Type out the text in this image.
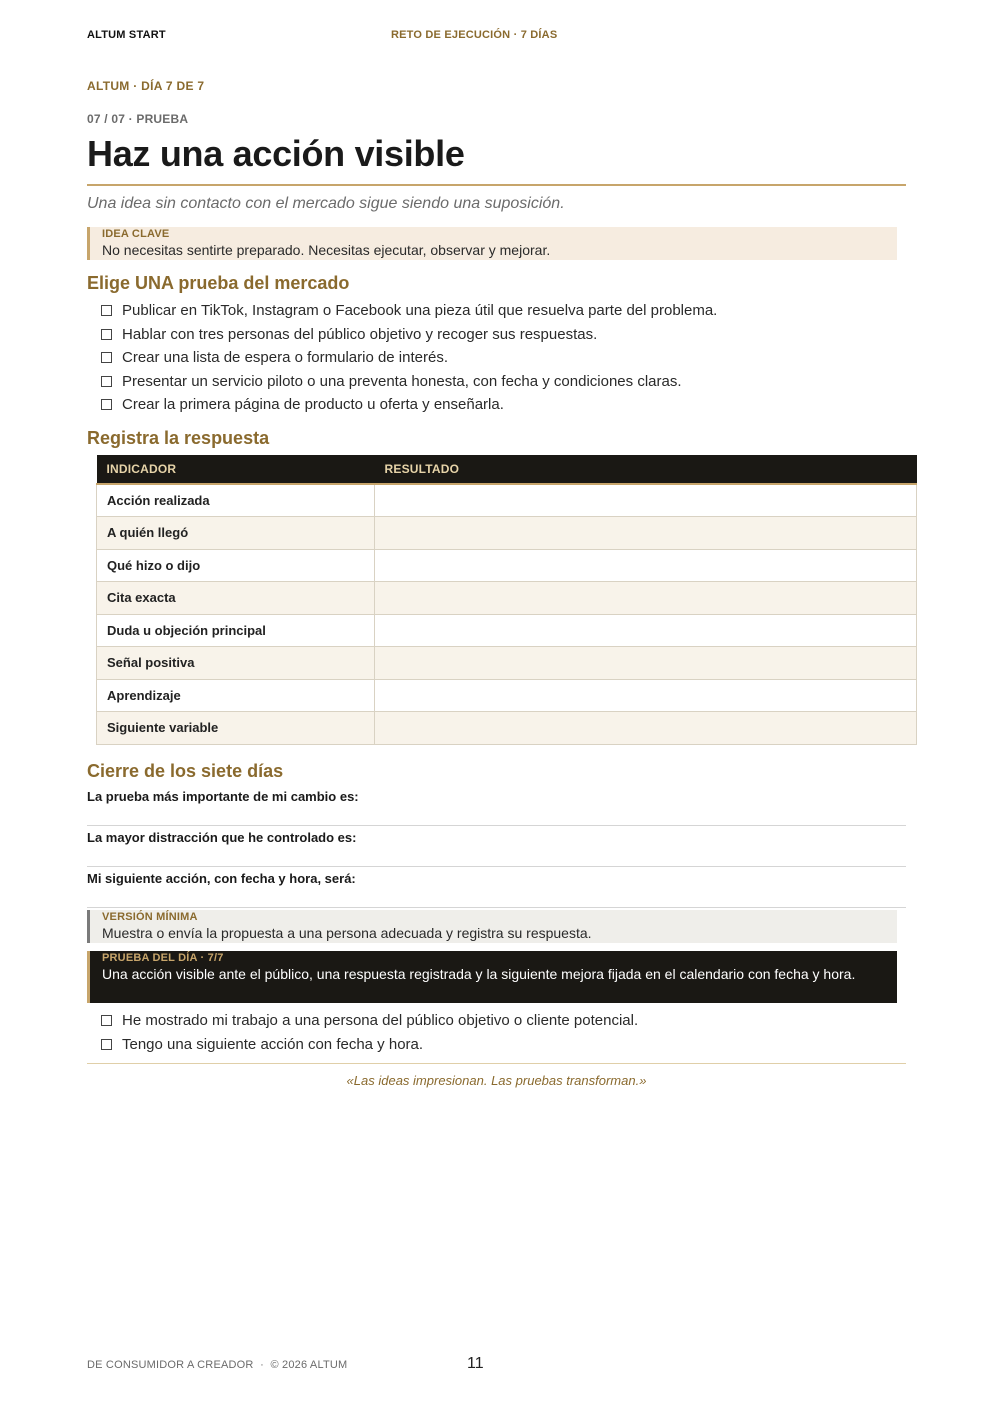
ALTUM START	RETO DE EJECUCIÓN · 7 DÍAS
ALTUM · DÍA 7 DE 7
07 / 07 · PRUEBA
Haz una acción visible
Una idea sin contacto con el mercado sigue siendo una suposición.
IDEA CLAVE
No necesitas sentirte preparado. Necesitas ejecutar, observar y mejorar.
Elige UNA prueba del mercado
Publicar en TikTok, Instagram o Facebook una pieza útil que resuelva parte del problema.
Hablar con tres personas del público objetivo y recoger sus respuestas.
Crear una lista de espera o formulario de interés.
Presentar un servicio piloto o una preventa honesta, con fecha y condiciones claras.
Crear la primera página de producto u oferta y enseñarla.
Registra la respuesta
INDICADOR	RESULTADO
Acción realizada	
A quién llegó	
Qué hizo o dijo	
Cita exacta	
Duda u objeción principal	
Señal positiva	
Aprendizaje	
Siguiente variable	
Cierre de los siete días
La prueba más importante de mi cambio es:
La mayor distracción que he controlado es:
Mi siguiente acción, con fecha y hora, será:
VERSIÓN MÍNIMA
Muestra o envía la propuesta a una persona adecuada y registra su respuesta.
PRUEBA DEL DÍA · 7/7
Una acción visible ante el público, una respuesta registrada y la siguiente mejora fijada en el calendario con fecha y hora.
He mostrado mi trabajo a una persona del público objetivo o cliente potencial.
Tengo una siguiente acción con fecha y hora.
«Las ideas impresionan. Las pruebas transforman.»
DE CONSUMIDOR A CREADOR  ·  © 2026 ALTUM	11
